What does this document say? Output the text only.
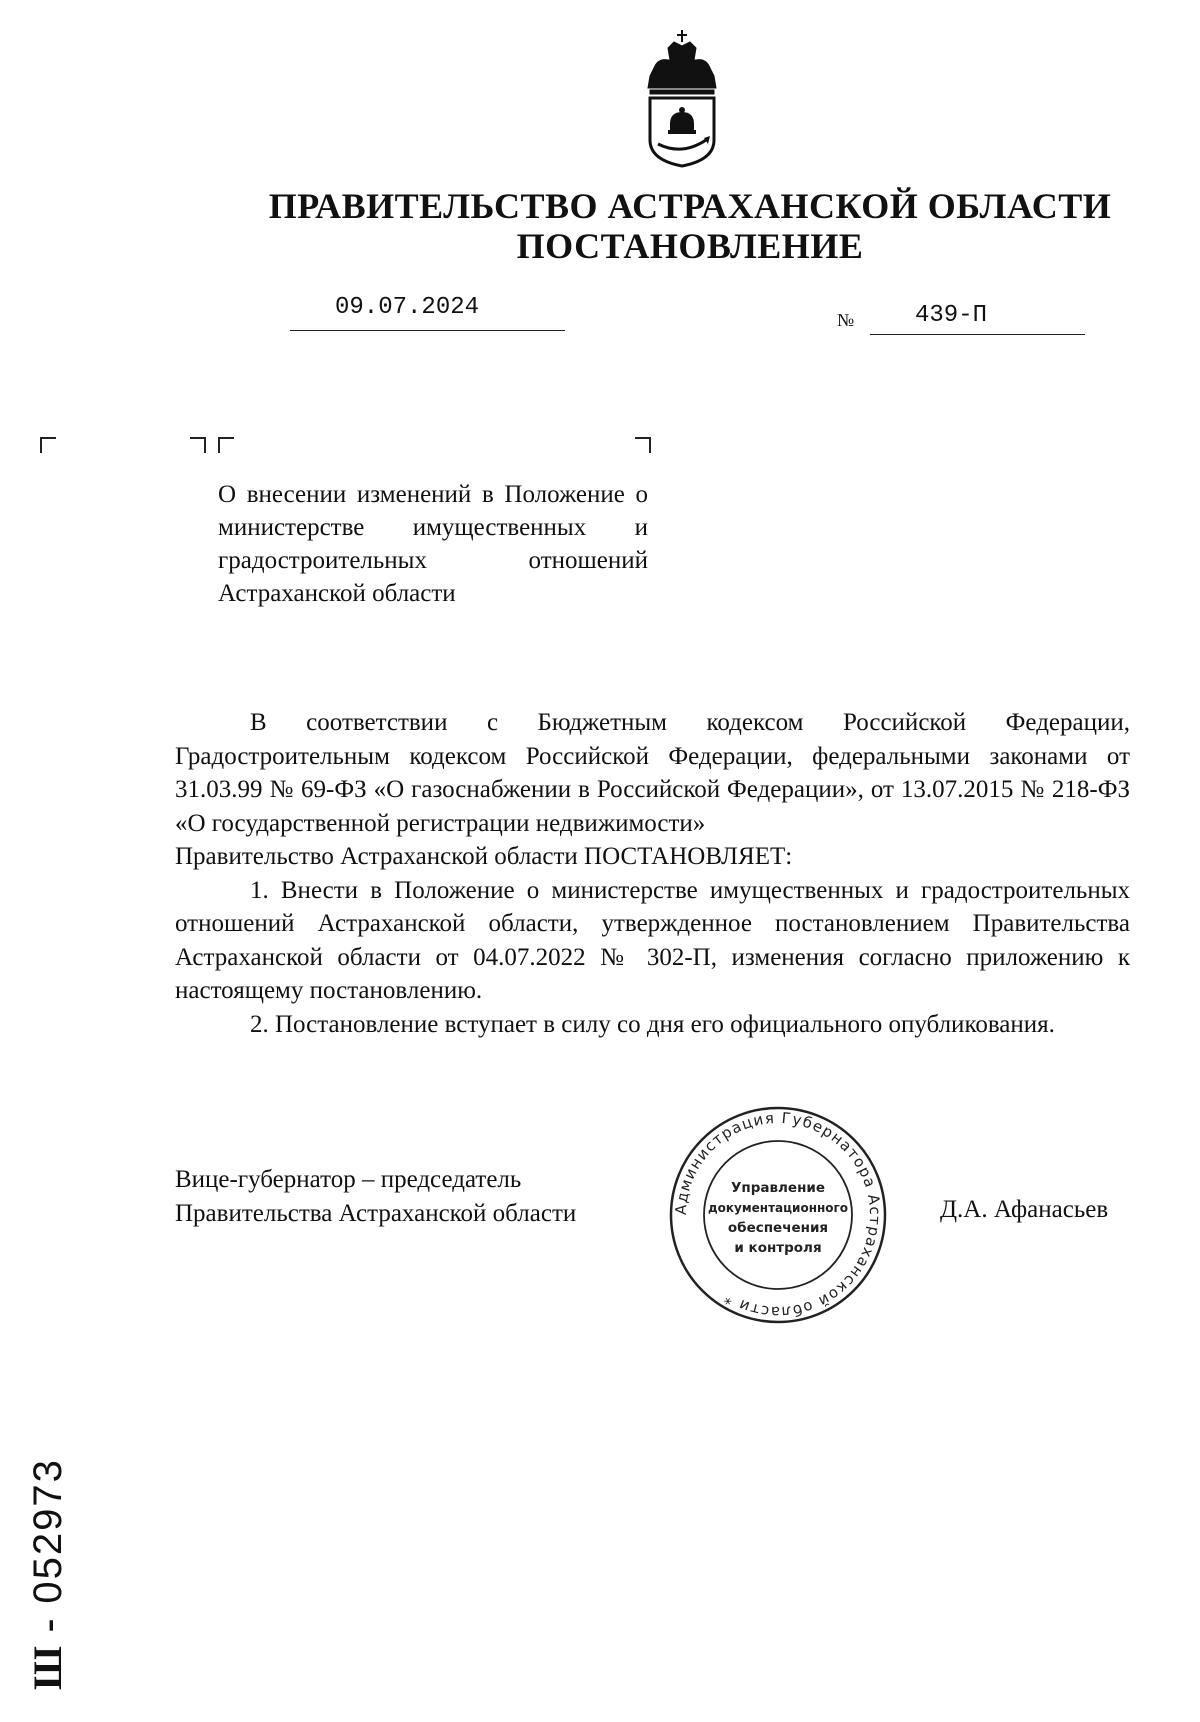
ПРАВИТЕЛЬСТВО АСТРАХАНСКОЙ ОБЛАСТИ
ПОСТАНОВЛЕНИЕ
09.07.2024	№	439-П
О внесении изменений в Положение о министерстве имущественных и градостроительных отношений Астраханской области

В соответствии с Бюджетным кодексом Российской Федерации, Градостроительным кодексом Российской Федерации, федеральными законами от 31.03.99 № 69-ФЗ «О газоснабжении в Российской Федерации», от 13.07.2015 № 218-ФЗ «О государственной регистрации недвижимости»

Правительство Астраханской области ПОСТАНОВЛЯЕТ:

1. Внести в Положение о министерстве имущественных и градостроительных отношений Астраханской области, утвержденное постановлением Правительства Астраханской области от 04.07.2022 № 302-П, изменения согласно приложению к настоящему постановлению.

2. Постановление вступает в силу со дня его официального опубликования.

Вице-губернатор – председатель
Правительства Астраханской области	Д.А. Афанасьев
Администрация Губернатора Астраханской области *
Управление
документационного
обеспечения
и контроля
Ш - 052973
